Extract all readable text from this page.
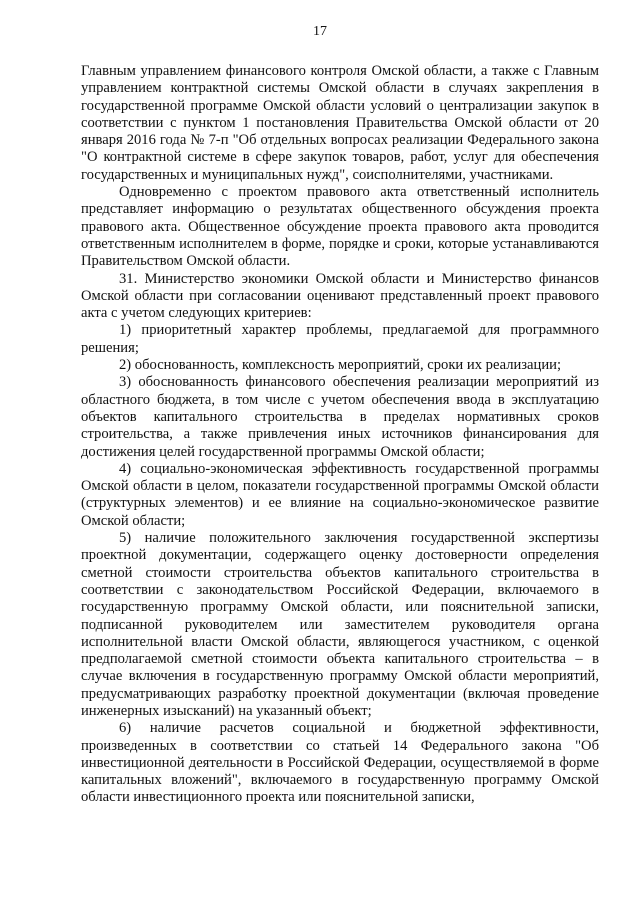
17

Главным управлением финансового контроля Омской области, а также с Главным управлением контрактной системы Омской области в случаях закрепления в государственной программе Омской области условий о централизации закупок в соответствии с пунктом 1 постановления Правительства Омской области от 20 января 2016 года № 7-п "Об отдельных вопросах реализации Федерального закона "О контрактной системе в сфере закупок товаров, работ, услуг для обеспечения государственных и муниципальных нужд", соисполнителями, участниками.

Одновременно с проектом правового акта ответственный исполнитель представляет информацию о результатах общественного обсуждения проекта правового акта. Общественное обсуждение проекта правового акта проводится ответственным исполнителем в форме, порядке и сроки, которые устанавливаются Правительством Омской области.

31. Министерство экономики Омской области и Министерство финансов Омской области при согласовании оценивают представленный проект правового акта с учетом следующих критериев:

1) приоритетный характер проблемы, предлагаемой для программного решения;

2) обоснованность, комплексность мероприятий, сроки их реализации;

3) обоснованность финансового обеспечения реализации мероприятий из областного бюджета, в том числе с учетом обеспечения ввода в эксплуатацию объектов капитального строительства в пределах нормативных сроков строительства, а также привлечения иных источников финансирования для достижения целей государственной программы Омской области;

4) социально-экономическая эффективность государственной программы Омской области в целом, показатели государственной программы Омской области (структурных элементов) и ее влияние на социально-экономическое развитие Омской области;

5) наличие положительного заключения государственной экспертизы проектной документации, содержащего оценку достоверности определения сметной стоимости строительства объектов капитального строительства в соответствии с законодательством Российской Федерации, включаемого в государственную программу Омской области, или пояснительной записки, подписанной руководителем или заместителем руководителя органа исполнительной власти Омской области, являющегося участником, с оценкой предполагаемой сметной стоимости объекта капитального строительства – в случае включения в государственную программу Омской области мероприятий, предусматривающих разработку проектной документации (включая проведение инженерных изысканий) на указанный объект;

6) наличие расчетов социальной и бюджетной эффективности, произведенных в соответствии со статьей 14 Федерального закона "Об инвестиционной деятельности в Российской Федерации, осуществляемой в форме капитальных вложений", включаемого в государственную программу Омской области инвестиционного проекта или пояснительной записки,
